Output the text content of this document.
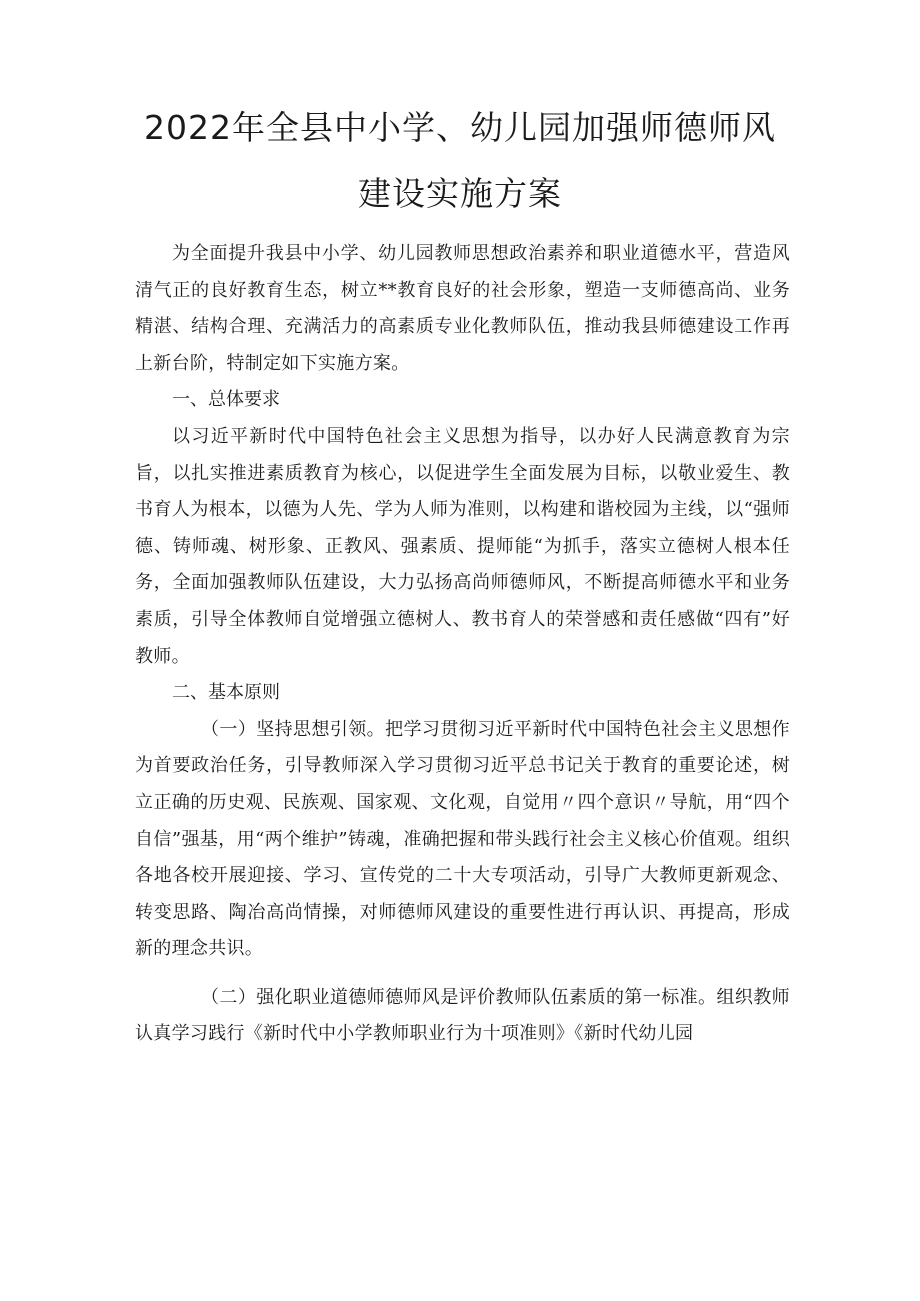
2022年全县中小学、幼儿园加强师德师风
建设实施方案

为全面提升我县中小学、幼儿园教师思想政治素养和职业道德水平，营造风清气正的良好教育生态，树立**教育良好的社会形象，塑造一支师德高尚、业务精湛、结构合理、充满活力的高素质专业化教师队伍，推动我县师德建设工作再上新台阶，特制定如下实施方案。

一、总体要求

以习近平新时代中国特色社会主义思想为指导，以办好人民满意教育为宗旨，以扎实推进素质教育为核心，以促进学生全面发展为目标，以敬业爱生、教书育人为根本，以德为人先、学为人师为准则，以构建和谐校园为主线，以“强师德、铸师魂、树形象、正教风、强素质、提师能“为抓手，落实立德树人根本任务，全面加强教师队伍建设，大力弘扬高尚师德师风，不断提高师德水平和业务素质，引导全体教师自觉增强立德树人、教书育人的荣誉感和责任感做“四有”好教师。

二、基本原则

（一）坚持思想引领。把学习贯彻习近平新时代中国特色社会主义思想作为首要政治任务，引导教师深入学习贯彻习近平总书记关于教育的重要论述，树立正确的历史观、民族观、国家观、文化观，自觉用〃四个意识〃导航，用“四个自信”强基，用“两个维护”铸魂，准确把握和带头践行社会主义核心价值观。组织各地各校开展迎接、学习、宣传党的二十大专项活动，引导广大教师更新观念、转变思路、陶冶高尚情操，对师德师风建设的重要性进行再认识、再提高，形成新的理念共识。

（二）强化职业道德师德师风是评价教师队伍素质的第一标准。组织教师认真学习践行《新时代中小学教师职业行为十项准则》《新时代幼儿园
